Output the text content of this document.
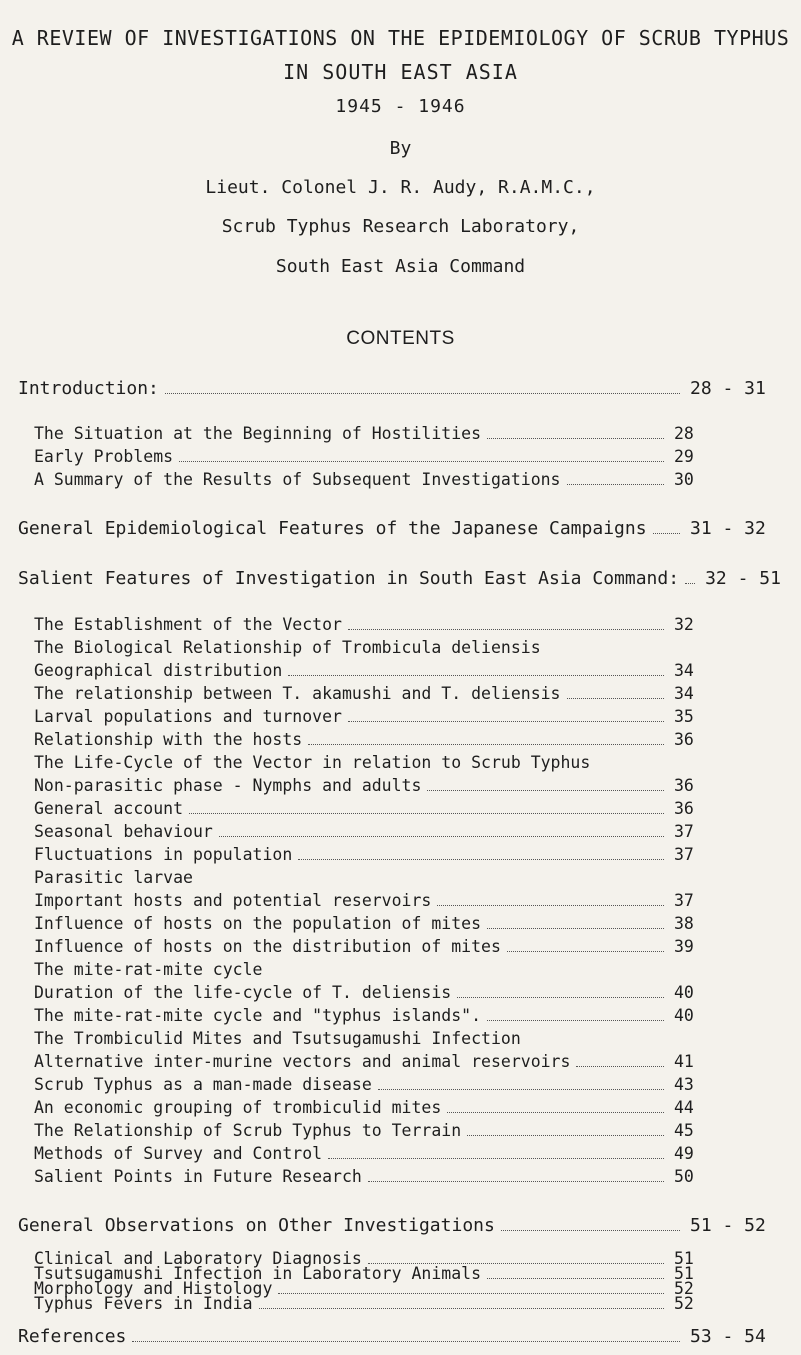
A REVIEW OF INVESTIGATIONS ON THE EPIDEMIOLOGY OF SCRUB TYPHUS
IN SOUTH EAST ASIA
1945 - 1946
By
Lieut. Colonel J. R. Audy, R.A.M.C.,
Scrub Typhus Research Laboratory,
South East Asia Command
CONTENTS
Introduction:	28 - 31
The Situation at the Beginning of Hostilities	28
Early Problems	29
A Summary of the Results of Subsequent Investigations	30
General Epidemiological Features of the Japanese Campaigns	31 - 32
Salient Features of Investigation in South East Asia Command:	32 - 51
The Establishment of the Vector	32
The Biological Relationship of Trombicula deliensis
Geographical distribution	34
The relationship between T. akamushi and T. deliensis	34
Larval populations and turnover	35
Relationship with the hosts	36
The Life-Cycle of the Vector in relation to Scrub Typhus
Non-parasitic phase - Nymphs and adults	36
General account	36
Seasonal behaviour	37
Fluctuations in population	37
Parasitic larvae
Important hosts and potential reservoirs	37
Influence of hosts on the population of mites	38
Influence of hosts on the distribution of mites	39
The mite-rat-mite cycle
Duration of the life-cycle of T. deliensis	40
The mite-rat-mite cycle and "typhus islands".	40
The Trombiculid Mites and Tsutsugamushi Infection
Alternative inter-murine vectors and animal reservoirs	41
Scrub Typhus as a man-made disease	43
An economic grouping of trombiculid mites	44
The Relationship of Scrub Typhus to Terrain	45
Methods of Survey and Control	49
Salient Points in Future Research	50
General Observations on Other Investigations	51 - 52
Clinical and Laboratory Diagnosis	51
Tsutsugamushi Infection in Laboratory Animals	51
Morphology and Histology	52
Typhus Fevers in India	52
References	53 - 54
